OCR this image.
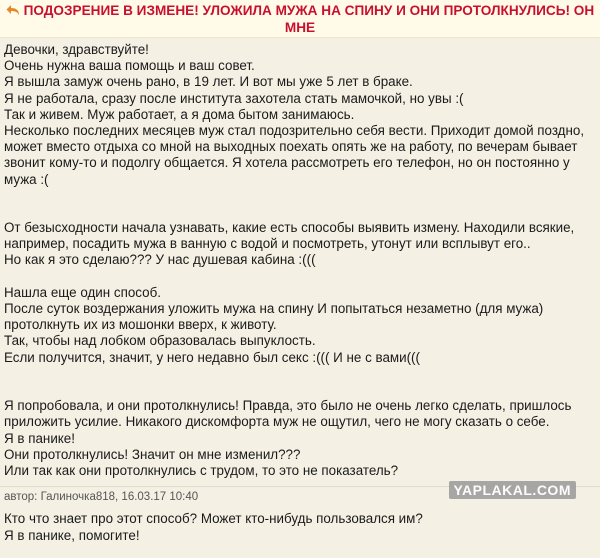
ПОДОЗРЕНИЕ В ИЗМЕНЕ! УЛОЖИЛА МУЖА НА СПИНУ И ОНИ ПРОТОЛКНУЛИСЬ! ОН МНЕ

Девочки, здравствуйте!
Очень нужна ваша помощь и ваш совет.
Я вышла замуж очень рано, в 19 лет. И вот мы уже 5 лет в браке.
Я не работала, сразу после института захотела стать мамочкой, но увы :(
Так и живем. Муж работает, а я дома бытом занимаюсь.
Несколько последних месяцев муж стал подозрительно себя вести. Приходит домой поздно,
может вместо отдыха со мной на выходных поехать опять же на работу, по вечерам бывает
звонит кому-то и подолгу общается. Я хотела рассмотреть его телефон, но он постоянно у
мужа :(
От безысходности начала узнавать, какие есть способы выявить измену. Находили всякие,
например, посадить мужа в ванную с водой и посмотреть, утонут или всплывут его..
Но как я это сделаю??? У нас душевая кабина :(((
Нашла еще один способ.
После суток воздержания уложить мужа на спину И попытаться незаметно (для мужа)
протолкнуть их из мошонки вверх, к животу.
Так, чтобы над лобком образовалась выпуклость.
Если получится, значит, у него недавно был секс :((( И не с вами(((
Я попробовала, и они протолкнулись! Правда, это было не очень легко сделать, пришлось
приложить усилие. Никакого дискомфорта муж не ощутил, чего не могу сказать о себе.
Я в панике!
Они протолкнулись! Значит он мне изменил???
Или так как они протолкнулись с трудом, то это не показатель?
Кто что знает про этот способ? Может кто-нибудь пользовался им?
Я в панике, помогите!
автор: Галиночка818, 16.03.17 10:40	YAPLAKAL.COM
